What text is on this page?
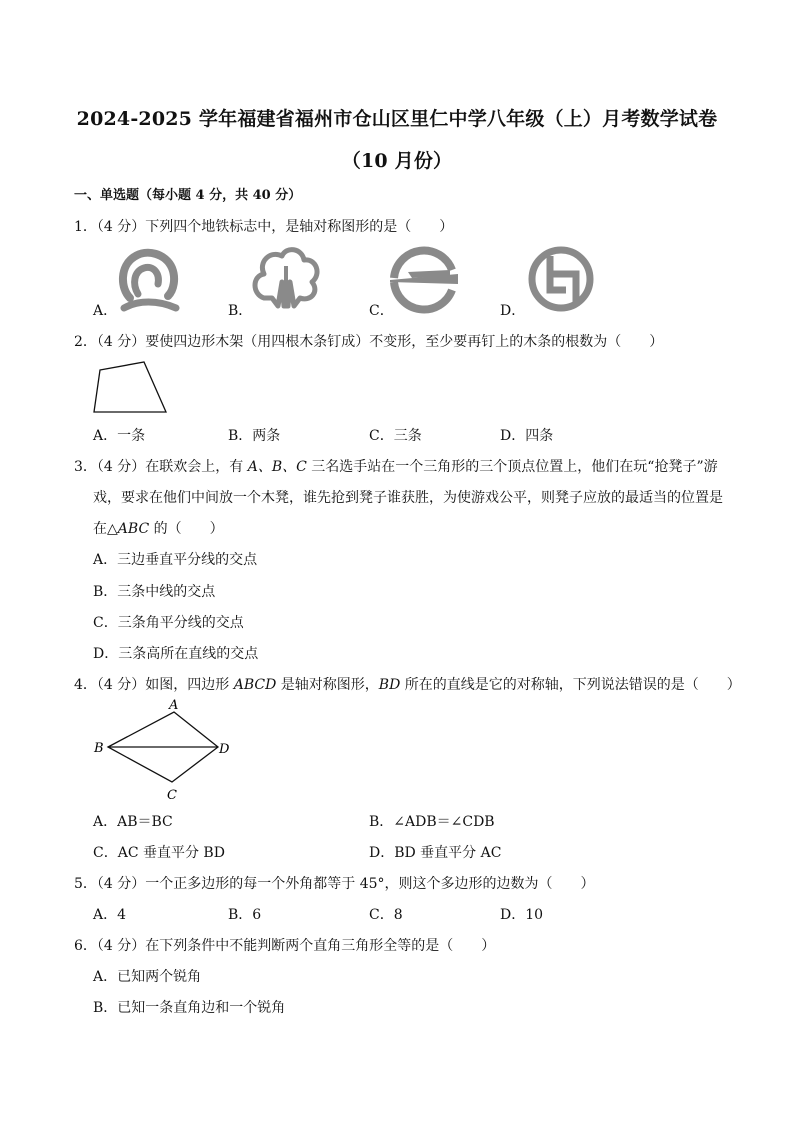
2024-2025 学年福建省福州市仓山区里仁中学八年级（上）月考数学试卷
（10 月份）
一、单选题（每小题 4 分，共 40 分）
1．（4 分）下列四个地铁标志中，是轴对称图形的是（　　）
A．	B．	C．	D．
2．（4 分）要使四边形木架（用四根木条钉成）不变形，至少要再钉上的木条的根数为（　　）
A．一条	B．两条	C．三条	D．四条
3．（4 分）在联欢会上，有 A、B、C 三名选手站在一个三角形的三个顶点位置上，他们在玩“抢凳子”游
戏，要求在他们中间放一个木凳，谁先抢到凳子谁获胜，为使游戏公平，则凳子应放的最适当的位置是
在△ABC 的（　　）
A．三边垂直平分线的交点
B．三条中线的交点
C．三条角平分线的交点
D．三条高所在直线的交点
4．（4 分）如图，四边形 ABCD 是轴对称图形，BD 所在的直线是它的对称轴，下列说法错误的是（　　）
A
B	D
C
A．AB＝BC	B．∠ADB＝∠CDB
C．AC 垂直平分 BD	D．BD 垂直平分 AC
5．（4 分）一个正多边形的每一个外角都等于 45°，则这个多边形的边数为（　　）
A．4	B．6	C．8	D．10
6．（4 分）在下列条件中不能判断两个直角三角形全等的是（　　）
A．已知两个锐角
B．已知一条直角边和一个锐角
